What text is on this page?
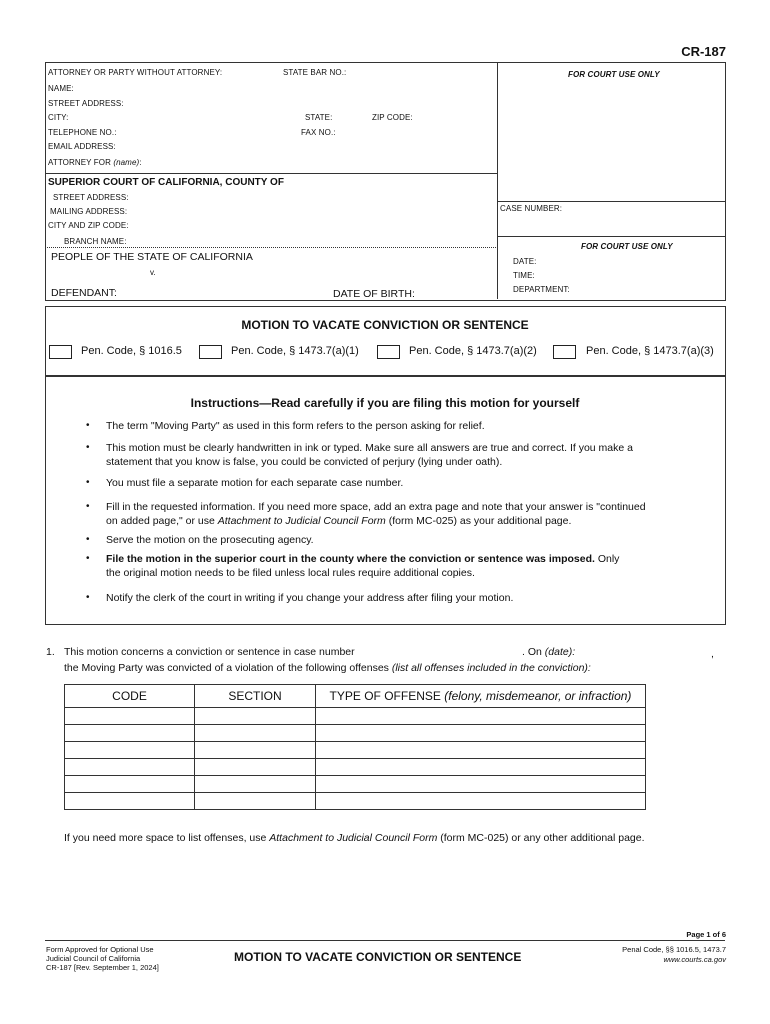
CR-187
ATTORNEY OR PARTY WITHOUT ATTORNEY:	STATE BAR NO.:	FOR COURT USE ONLY
NAME:
STREET ADDRESS:
CITY:	STATE:	ZIP CODE:
TELEPHONE NO.:	FAX NO.:
EMAIL ADDRESS:
ATTORNEY FOR (name):
SUPERIOR COURT OF CALIFORNIA, COUNTY OF
STREET ADDRESS:
MAILING ADDRESS:
CITY AND ZIP CODE:
BRANCH NAME:
CASE NUMBER:
FOR COURT USE ONLY
PEOPLE OF THE STATE OF CALIFORNIA
v.
DEFENDANT:	DATE OF BIRTH:
DATE:
TIME:
DEPARTMENT:
MOTION TO VACATE CONVICTION OR SENTENCE
Pen. Code, § 1016.5	Pen. Code, § 1473.7(a)(1)	Pen. Code, § 1473.7(a)(2)	Pen. Code, § 1473.7(a)(3)
Instructions—Read carefully if you are filing this motion for yourself
• The term "Moving Party" as used in this form refers to the person asking for relief.
• This motion must be clearly handwritten in ink or typed. Make sure all answers are true and correct. If you make a
statement that you know is false, you could be convicted of perjury (lying under oath).
• You must file a separate motion for each separate case number.
• Fill in the requested information. If you need more space, add an extra page and note that your answer is "continued
on added page," or use Attachment to Judicial Council Form (form MC-025) as your additional page.
• Serve the motion on the prosecuting agency.
• File the motion in the superior court in the county where the conviction or sentence was imposed. Only
the original motion needs to be filed unless local rules require additional copies.
• Notify the clerk of the court in writing if you change your address after filing your motion.
1. This motion concerns a conviction or sentence in case number	. On (date):	,
the Moving Party was convicted of a violation of the following offenses (list all offenses included in the conviction):
CODE	SECTION	TYPE OF OFFENSE (felony, misdemeanor, or infraction)

If you need more space to list offenses, use Attachment to Judicial Council Form (form MC-025) or any other additional page.
Page 1 of 6
Form Approved for Optional Use
Judicial Council of California
CR-187 [Rev. September 1, 2024]
MOTION TO VACATE CONVICTION OR SENTENCE
Penal Code, §§ 1016.5, 1473.7
www.courts.ca.gov
